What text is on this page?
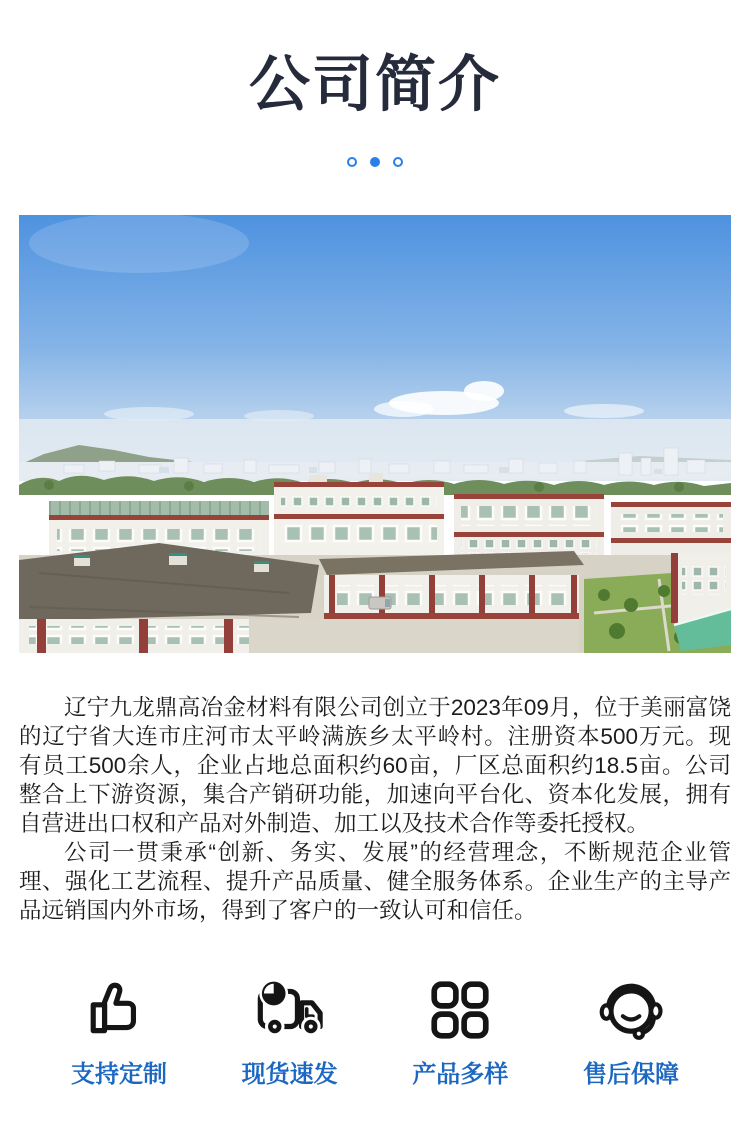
公司简介

辽宁九龙鼎高冶金材料有限公司创立于2023年09月，位于美丽富饶的辽宁省大连市庄河市太平岭满族乡太平岭村。注册资本500万元。现有员工500余人，企业占地总面积约60亩，厂区总面积约18.5亩。公司整合上下游资源，集合产销研功能，加速向平台化、资本化发展，拥有自营进出口权和产品对外制造、加工以及技术合作等委托授权。

公司一贯秉承“创新、务实、发展”的经营理念，不断规范企业管理、强化工艺流程、提升产品质量、健全服务体系。企业生产的主导产品远销国内外市场，得到了客户的一致认可和信任。

支持定制	现货速发	产品多样	售后保障
